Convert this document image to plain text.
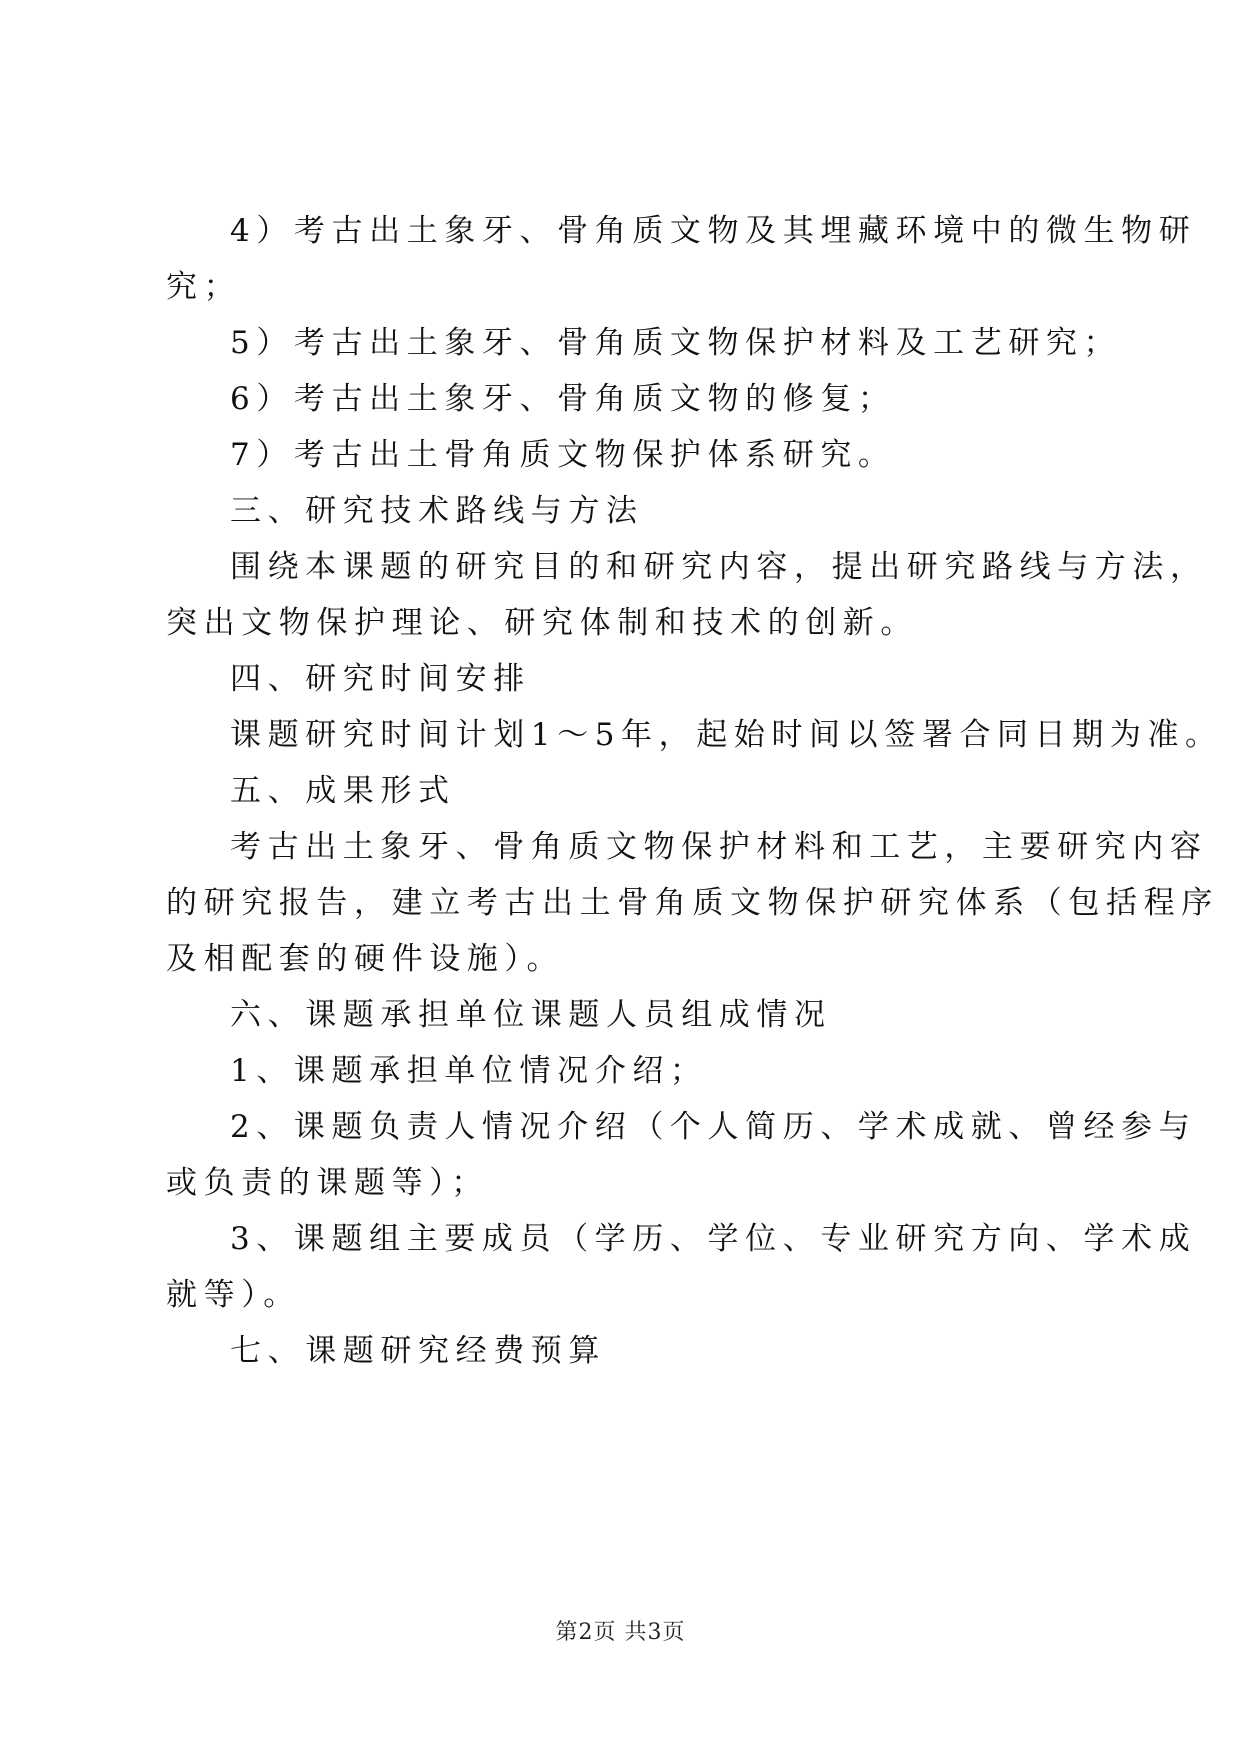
4）考古出土象牙、骨角质文物及其埋藏环境中的微生物研
究；
5）考古出土象牙、骨角质文物保护材料及工艺研究；
6）考古出土象牙、骨角质文物的修复；
7）考古出土骨角质文物保护体系研究。
三、研究技术路线与方法
围绕本课题的研究目的和研究内容，提出研究路线与方法，
突出文物保护理论、研究体制和技术的创新。
四、研究时间安排
课题研究时间计划1～5年，起始时间以签署合同日期为准。
五、成果形式
考古出土象牙、骨角质文物保护材料和工艺，主要研究内容
的研究报告，建立考古出土骨角质文物保护研究体系（包括程序
及相配套的硬件设施）。
六、课题承担单位课题人员组成情况
1、课题承担单位情况介绍；
2、课题负责人情况介绍（个人简历、学术成就、曾经参与
或负责的课题等）；
3、课题组主要成员（学历、学位、专业研究方向、学术成
就等）。
七、课题研究经费预算
第2页 共3页
